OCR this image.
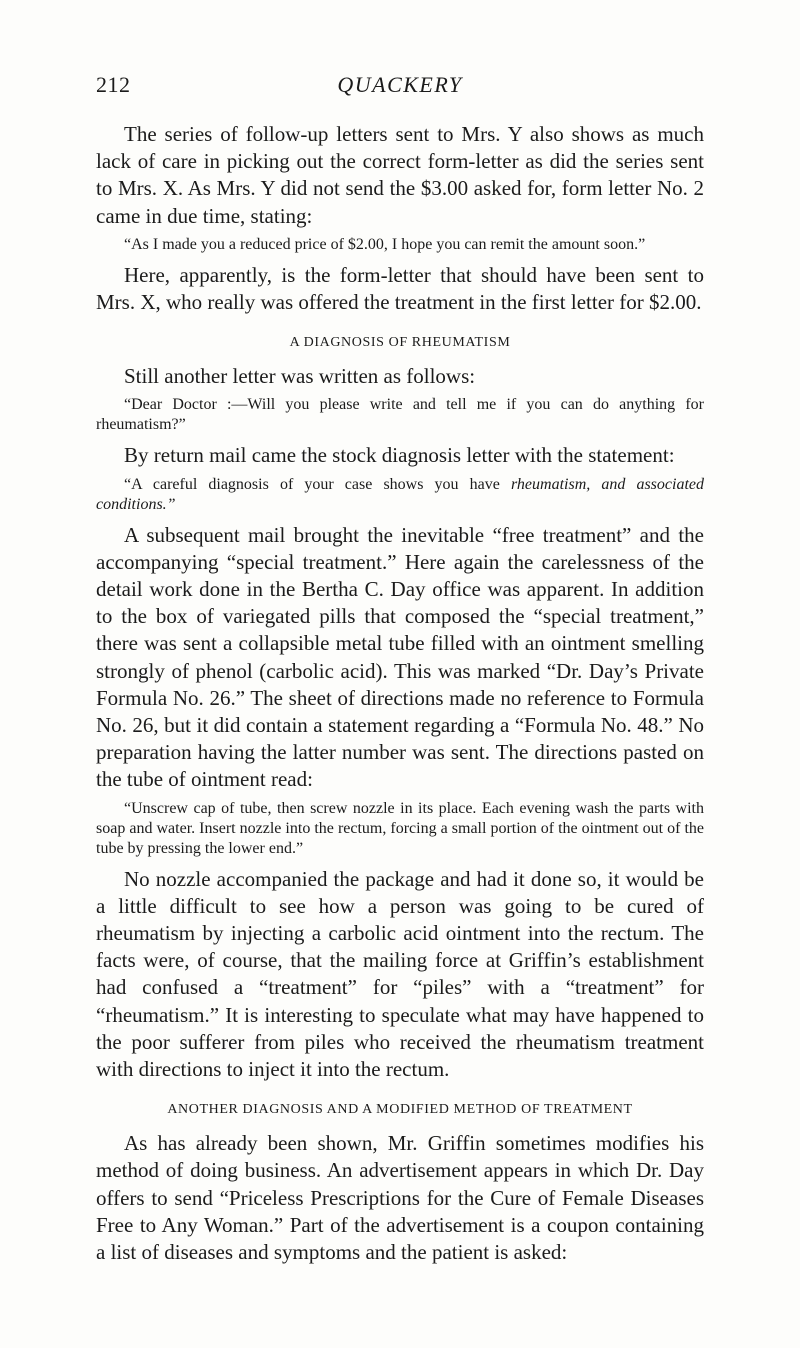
212	QUACKERY

The series of follow-up letters sent to Mrs. Y also shows as much lack of care in picking out the correct form-letter as did the series sent to Mrs. X. As Mrs. Y did not send the $3.00 asked for, form letter No. 2 came in due time, stating:

“As I made you a reduced price of $2.00, I hope you can remit the amount soon.”

Here, apparently, is the form-letter that should have been sent to Mrs. X, who really was offered the treatment in the first letter for $2.00.

A DIAGNOSIS OF RHEUMATISM

Still another letter was written as follows:

“Dear Doctor :—Will you please write and tell me if you can do anything for rheumatism?”

By return mail came the stock diagnosis letter with the statement:

“A careful diagnosis of your case shows you have rheumatism, and associated conditions.”

A subsequent mail brought the inevitable “free treatment” and the accompanying “special treatment.” Here again the carelessness of the detail work done in the Bertha C. Day office was apparent. In addition to the box of variegated pills that composed the “special treatment,” there was sent a collapsible metal tube filled with an ointment smelling strongly of phenol (carbolic acid). This was marked “Dr. Day’s Private Formula No. 26.” The sheet of directions made no reference to Formula No. 26, but it did contain a statement regarding a “Formula No. 48.” No preparation having the latter number was sent. The directions pasted on the tube of ointment read:

“Unscrew cap of tube, then screw nozzle in its place. Each evening wash the parts with soap and water. Insert nozzle into the rectum, forcing a small portion of the ointment out of the tube by pressing the lower end.”

No nozzle accompanied the package and had it done so, it would be a little difficult to see how a person was going to be cured of rheumatism by injecting a carbolic acid ointment into the rectum. The facts were, of course, that the mailing force at Griffin’s establishment had confused a “treatment” for “piles” with a “treatment” for “rheumatism.” It is interesting to speculate what may have happened to the poor sufferer from piles who received the rheumatism treatment with directions to inject it into the rectum.

ANOTHER DIAGNOSIS AND A MODIFIED METHOD OF TREATMENT

As has already been shown, Mr. Griffin sometimes modifies his method of doing business. An advertisement appears in which Dr. Day offers to send “Priceless Prescriptions for the Cure of Female Diseases Free to Any Woman.” Part of the advertisement is a coupon containing a list of diseases and symptoms and the patient is asked:
